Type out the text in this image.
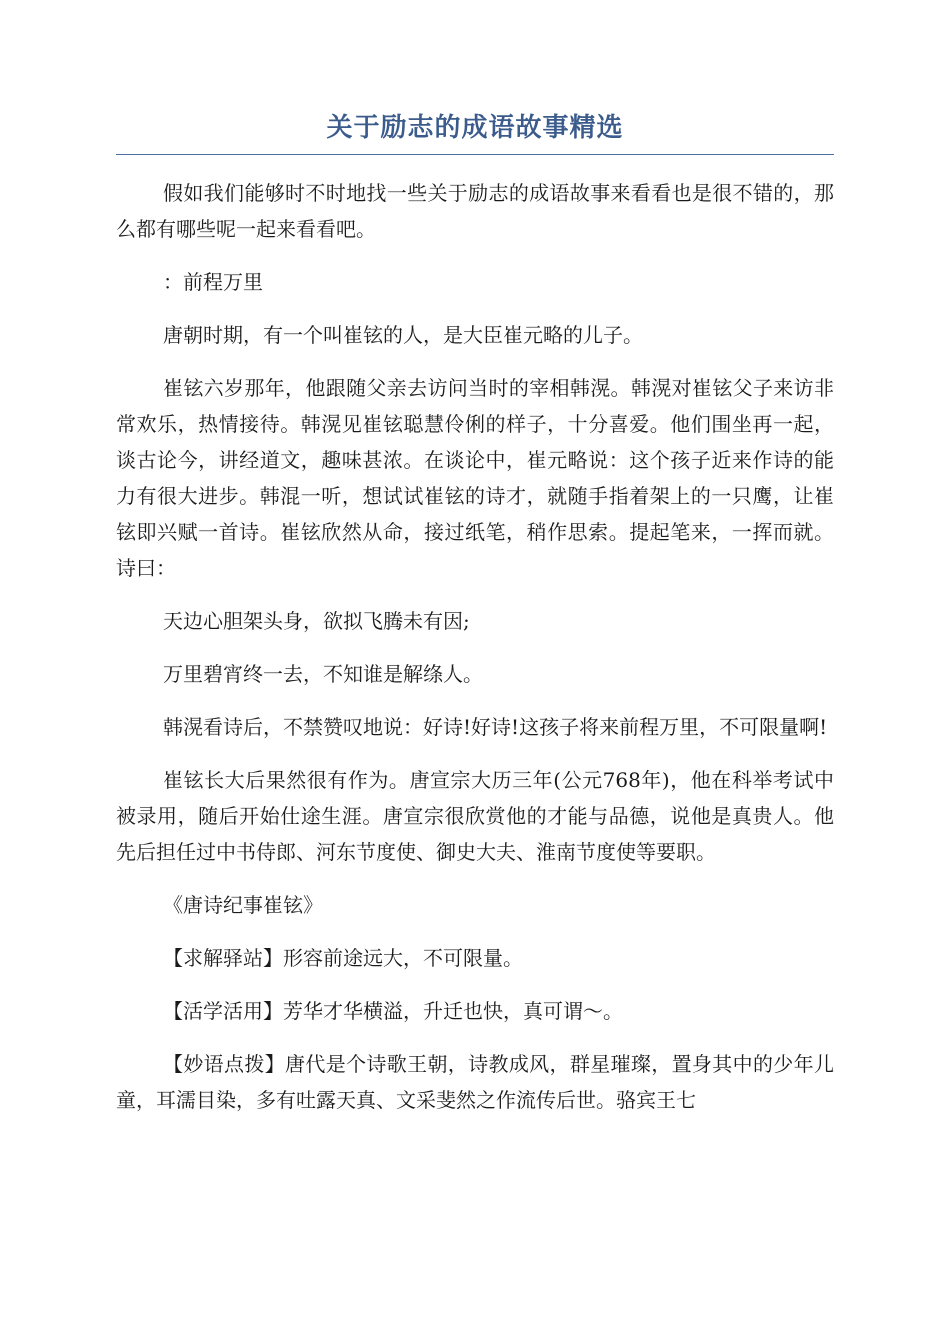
关于励志的成语故事精选

假如我们能够时不时地找一些关于励志的成语故事来看看也是很不错的，那么都有哪些呢一起来看看吧。

：前程万里

唐朝时期，有一个叫崔铉的人，是大臣崔元略的儿子。

崔铉六岁那年，他跟随父亲去访问当时的宰相韩滉。韩滉对崔铉父子来访非常欢乐，热情接待。韩滉见崔铉聪慧伶俐的样子，十分喜爱。他们围坐再一起，谈古论今，讲经道文，趣味甚浓。在谈论中，崔元略说：这个孩子近来作诗的能力有很大进步。韩混一听，想试试崔铉的诗才，就随手指着架上的一只鹰，让崔铉即兴赋一首诗。崔铉欣然从命，接过纸笔，稍作思索。提起笔来，一挥而就。诗曰：

天边心胆架头身，欲拟飞腾未有因;

万里碧宵终一去，不知谁是解绦人。

韩滉看诗后，不禁赞叹地说：好诗!好诗!这孩子将来前程万里，不可限量啊!

崔铉长大后果然很有作为。唐宣宗大历三年(公元768年)，他在科举考试中被录用，随后开始仕途生涯。唐宣宗很欣赏他的才能与品德，说他是真贵人。他先后担任过中书侍郎、河东节度使、御史大夫、淮南节度使等要职。

《唐诗纪事崔铉》

【求解驿站】形容前途远大，不可限量。

【活学活用】芳华才华横溢，升迁也快，真可谓～。

【妙语点拨】唐代是个诗歌王朝，诗教成风，群星璀璨，置身其中的少年儿童，耳濡目染，多有吐露天真、文采斐然之作流传后世。骆宾王七
